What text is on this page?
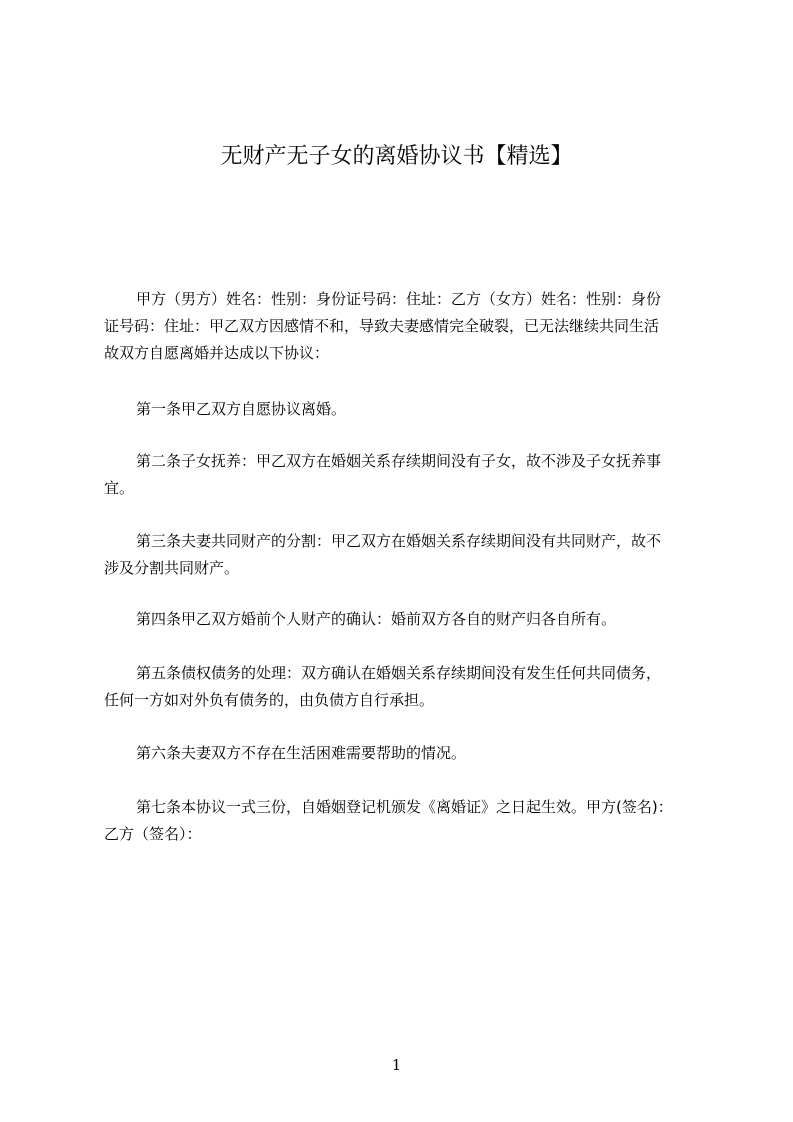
无财产无子女的离婚协议书【精选】
甲方（男方）姓名：性别：身份证号码：住址：乙方（女方）姓名：性别：身份
证号码：住址：甲乙双方因感情不和，导致夫妻感情完全破裂，已无法继续共同生活
故双方自愿离婚并达成以下协议：
第一条甲乙双方自愿协议离婚。
第二条子女抚养：甲乙双方在婚姻关系存续期间没有子女，故不涉及子女抚养事
宜。
第三条夫妻共同财产的分割：甲乙双方在婚姻关系存续期间没有共同财产，故不
涉及分割共同财产。
第四条甲乙双方婚前个人财产的确认：婚前双方各自的财产归各自所有。
第五条债权债务的处理：双方确认在婚姻关系存续期间没有发生任何共同债务，
任何一方如对外负有债务的，由负债方自行承担。
第六条夫妻双方不存在生活困难需要帮助的情况。
第七条本协议一式三份，自婚姻登记机颁发《离婚证》之日起生效。甲方(签名)：
乙方（签名）：
1
